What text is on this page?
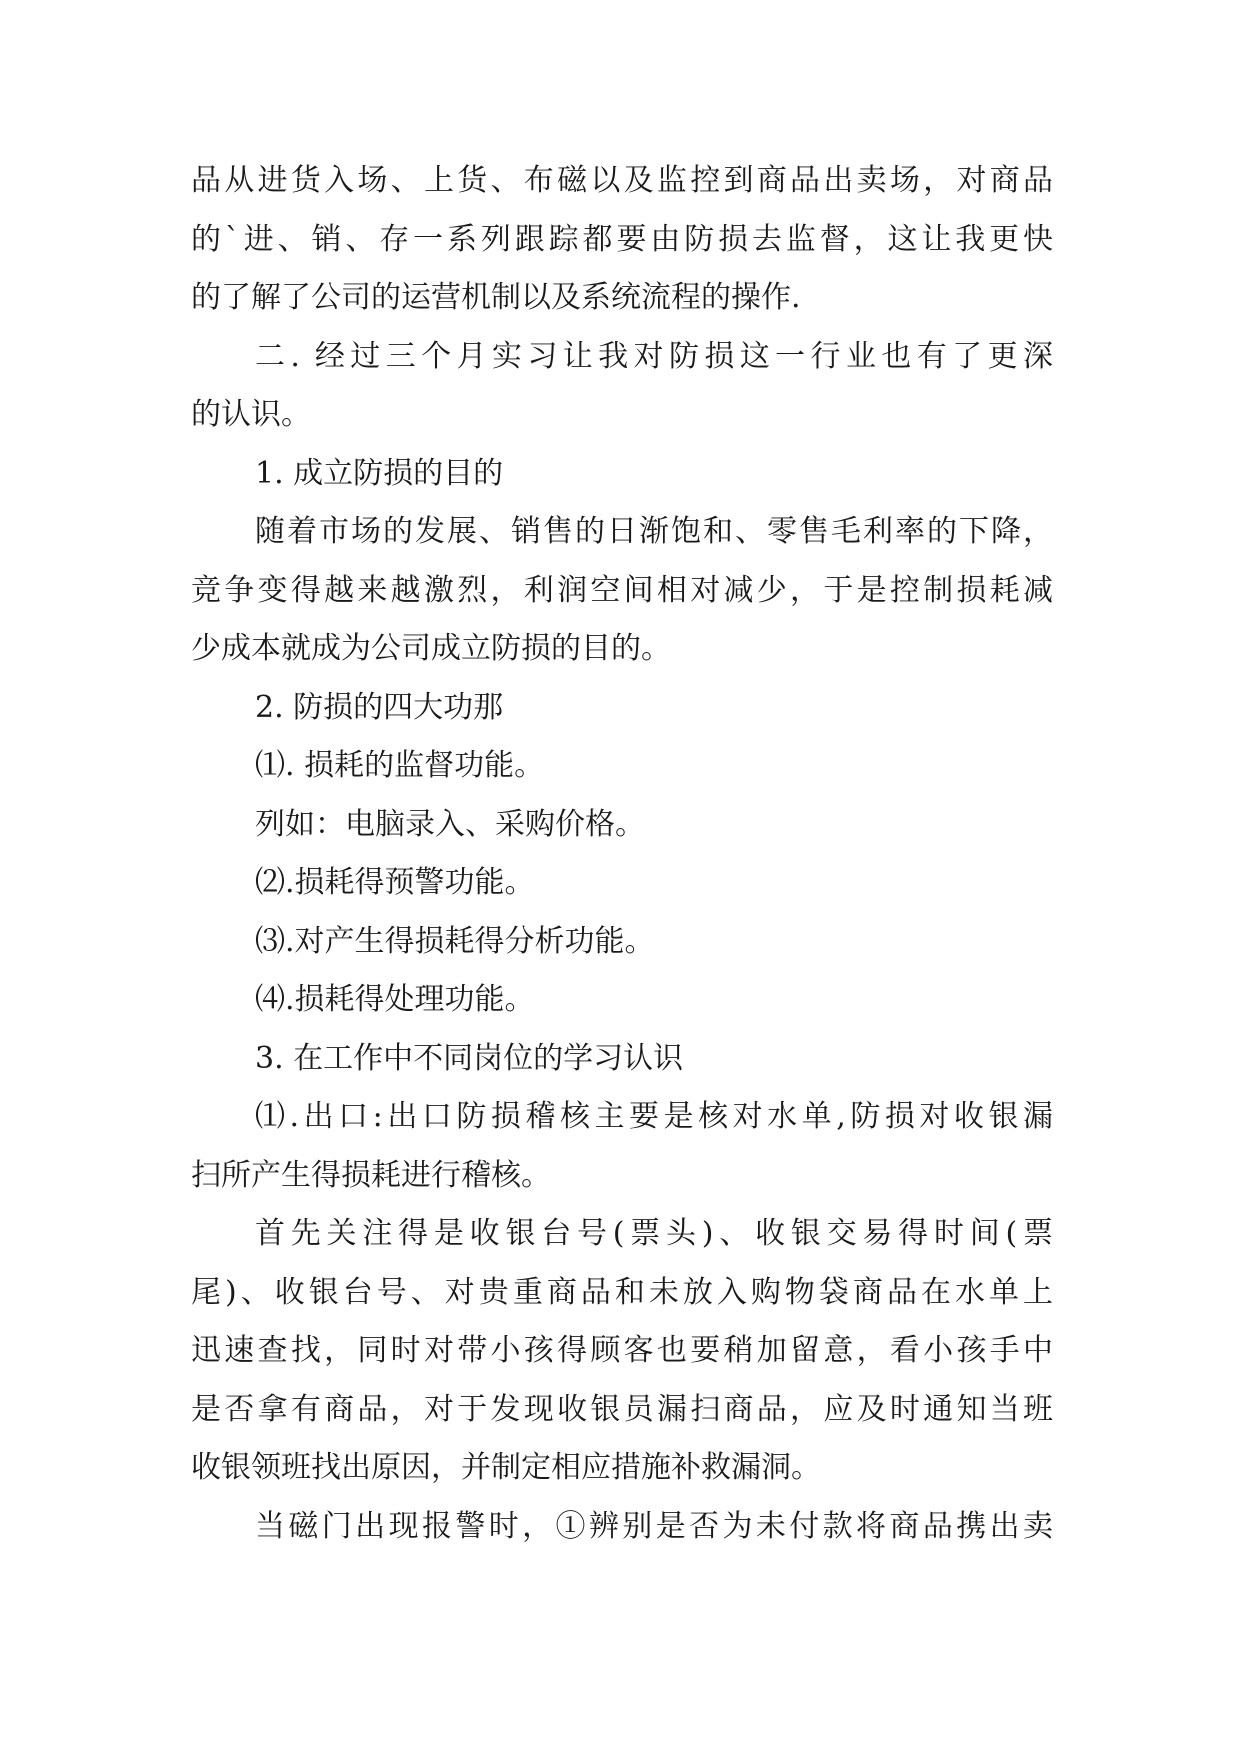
品从进货入场、上货、布磁以及监控到商品出卖场，对商品
的`进、销、存一系列跟踪都要由防损去监督，这让我更快
的了解了公司的运营机制以及系统流程的操作.
二. 经过三个月实习让我对防损这一行业也有了更深
的认识。
1. 成立防损的目的
随着市场的发展、销售的日渐饱和、零售毛利率的下降，
竞争变得越来越激烈，利润空间相对减少，于是控制损耗减
少成本就成为公司成立防损的目的。
2. 防损的四大功那
⑴. 损耗的监督功能。
列如：电脑录入、采购价格。
⑵.损耗得预警功能。
⑶.对产生得损耗得分析功能。
⑷.损耗得处理功能。
3. 在工作中不同岗位的学习认识
⑴.出口:出口防损稽核主要是核对水单,防损对收银漏
扫所产生得损耗进行稽核。
首先关注得是收银台号(票头)、收银交易得时间(票
尾)、收银台号、对贵重商品和未放入购物袋商品在水单上
迅速查找，同时对带小孩得顾客也要稍加留意，看小孩手中
是否拿有商品，对于发现收银员漏扫商品，应及时通知当班
收银领班找出原因，并制定相应措施补救漏洞。
当磁门出现报警时，①辨别是否为未付款将商品携出卖
